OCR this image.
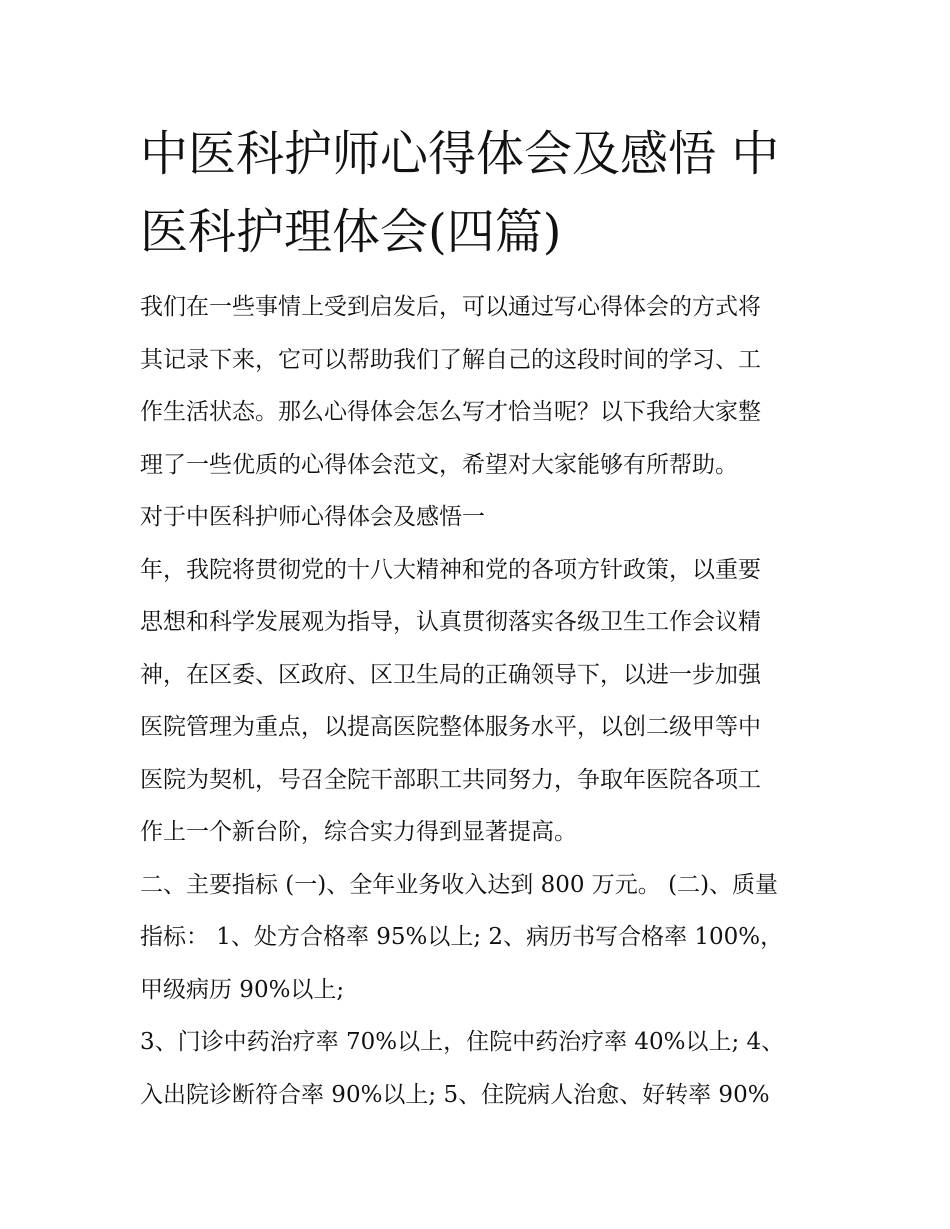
中医科护师心得体会及感悟 中
医科护理体会(四篇)
我们在一些事情上受到启发后，可以通过写心得体会的方式将
其记录下来，它可以帮助我们了解自己的这段时间的学习、工
作生活状态。那么心得体会怎么写才恰当呢？以下我给大家整
理了一些优质的心得体会范文，希望对大家能够有所帮助。
对于中医科护师心得体会及感悟一
年，我院将贯彻党的十八大精神和党的各项方针政策，以重要
思想和科学发展观为指导，认真贯彻落实各级卫生工作会议精
神，在区委、区政府、区卫生局的正确领导下，以进一步加强
医院管理为重点，以提高医院整体服务水平，以创二级甲等中
医院为契机，号召全院干部职工共同努力，争取年医院各项工
作上一个新台阶，综合实力得到显著提高。
二、主要指标 (一)、全年业务收入达到 800 万元。 (二)、质量
指标： 1、处方合格率 95%以上; 2、病历书写合格率 100%，
甲级病历 90%以上;
3、门诊中药治疗率 70%以上，住院中药治疗率 40%以上; 4、
入出院诊断符合率 90%以上; 5、住院病人治愈、好转率 90%
